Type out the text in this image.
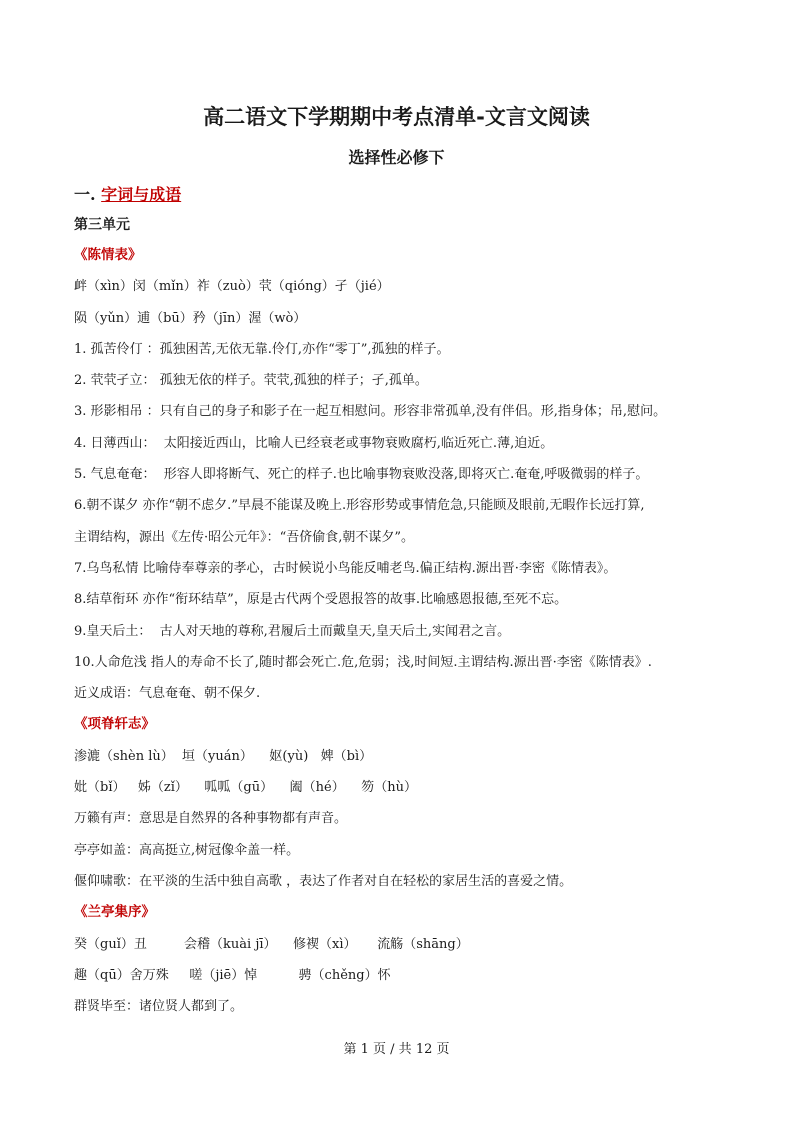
高二语文下学期期中考点清单-文言文阅读
选择性必修下
一. 字词与成语
第三单元
《陈情表》
衅（xìn）闵（mǐn）祚（zuò）茕（qióng）孑（jié）
陨（yǔn）逋（bū）矜（jīn）渥（wò）
1. 孤苦伶仃 ：孤独困苦,无依无靠.伶仃,亦作“零丁”,孤独的样子。
2. 茕茕孑立： 孤独无依的样子。茕茕,孤独的样子；孑,孤单。
3. 形影相吊 ：只有自己的身子和影子在一起互相慰问。形容非常孤单,没有伴侣。形,指身体；吊,慰问。
4. 日薄西山：  太阳接近西山，比喻人已经衰老或事物衰败腐朽,临近死亡.薄,迫近。
5. 气息奄奄：  形容人即将断气、死亡的样子.也比喻事物衰败没落,即将灭亡.奄奄,呼吸微弱的样子。
6.朝不谋夕 亦作“朝不虑夕.”早晨不能谋及晚上.形容形势或事情危急,只能顾及眼前,无暇作长远打算,
主谓结构，源出《左传·昭公元年》：“吾侪偷食,朝不谋夕”。
7.乌鸟私情 比喻侍奉尊亲的孝心，古时候说小鸟能反哺老鸟.偏正结构.源出晋·李密《陈情表》。
8.结草衔环 亦作“衔环结草”，原是古代两个受恩报答的故事.比喻感恩报德,至死不忘。
9.皇天后土：  古人对天地的尊称,君履后土而戴皇天,皇天后土,实闻君之言。
10.人命危浅 指人的寿命不长了,随时都会死亡.危,危弱；浅,时间短.主谓结构.源出晋·李密《陈情表》.
近义成语：气息奄奄、朝不保夕.
《项脊轩志》
渗漉（shèn lù）  垣（yuán）    妪(yù)   婢（bì）
妣（bǐ）   姊（zǐ）    呱呱（gū）    阖（hé）    笏（hù）
万籁有声：意思是自然界的各种事物都有声音。
亭亭如盖：高高挺立,树冠像伞盖一样。
偃仰啸歌：在平淡的生活中独自高歌 ，表达了作者对自在轻松的家居生活的喜爱之情。
《兰亭集序》
癸（guǐ）丑         会稽（kuài jī）    修褉（xì）     流觞（shāng）
趣（qū）舍万殊     嗟（jiē）悼          骋（chěng）怀
群贤毕至：诸位贤人都到了。
第 1 页 / 共 12 页
